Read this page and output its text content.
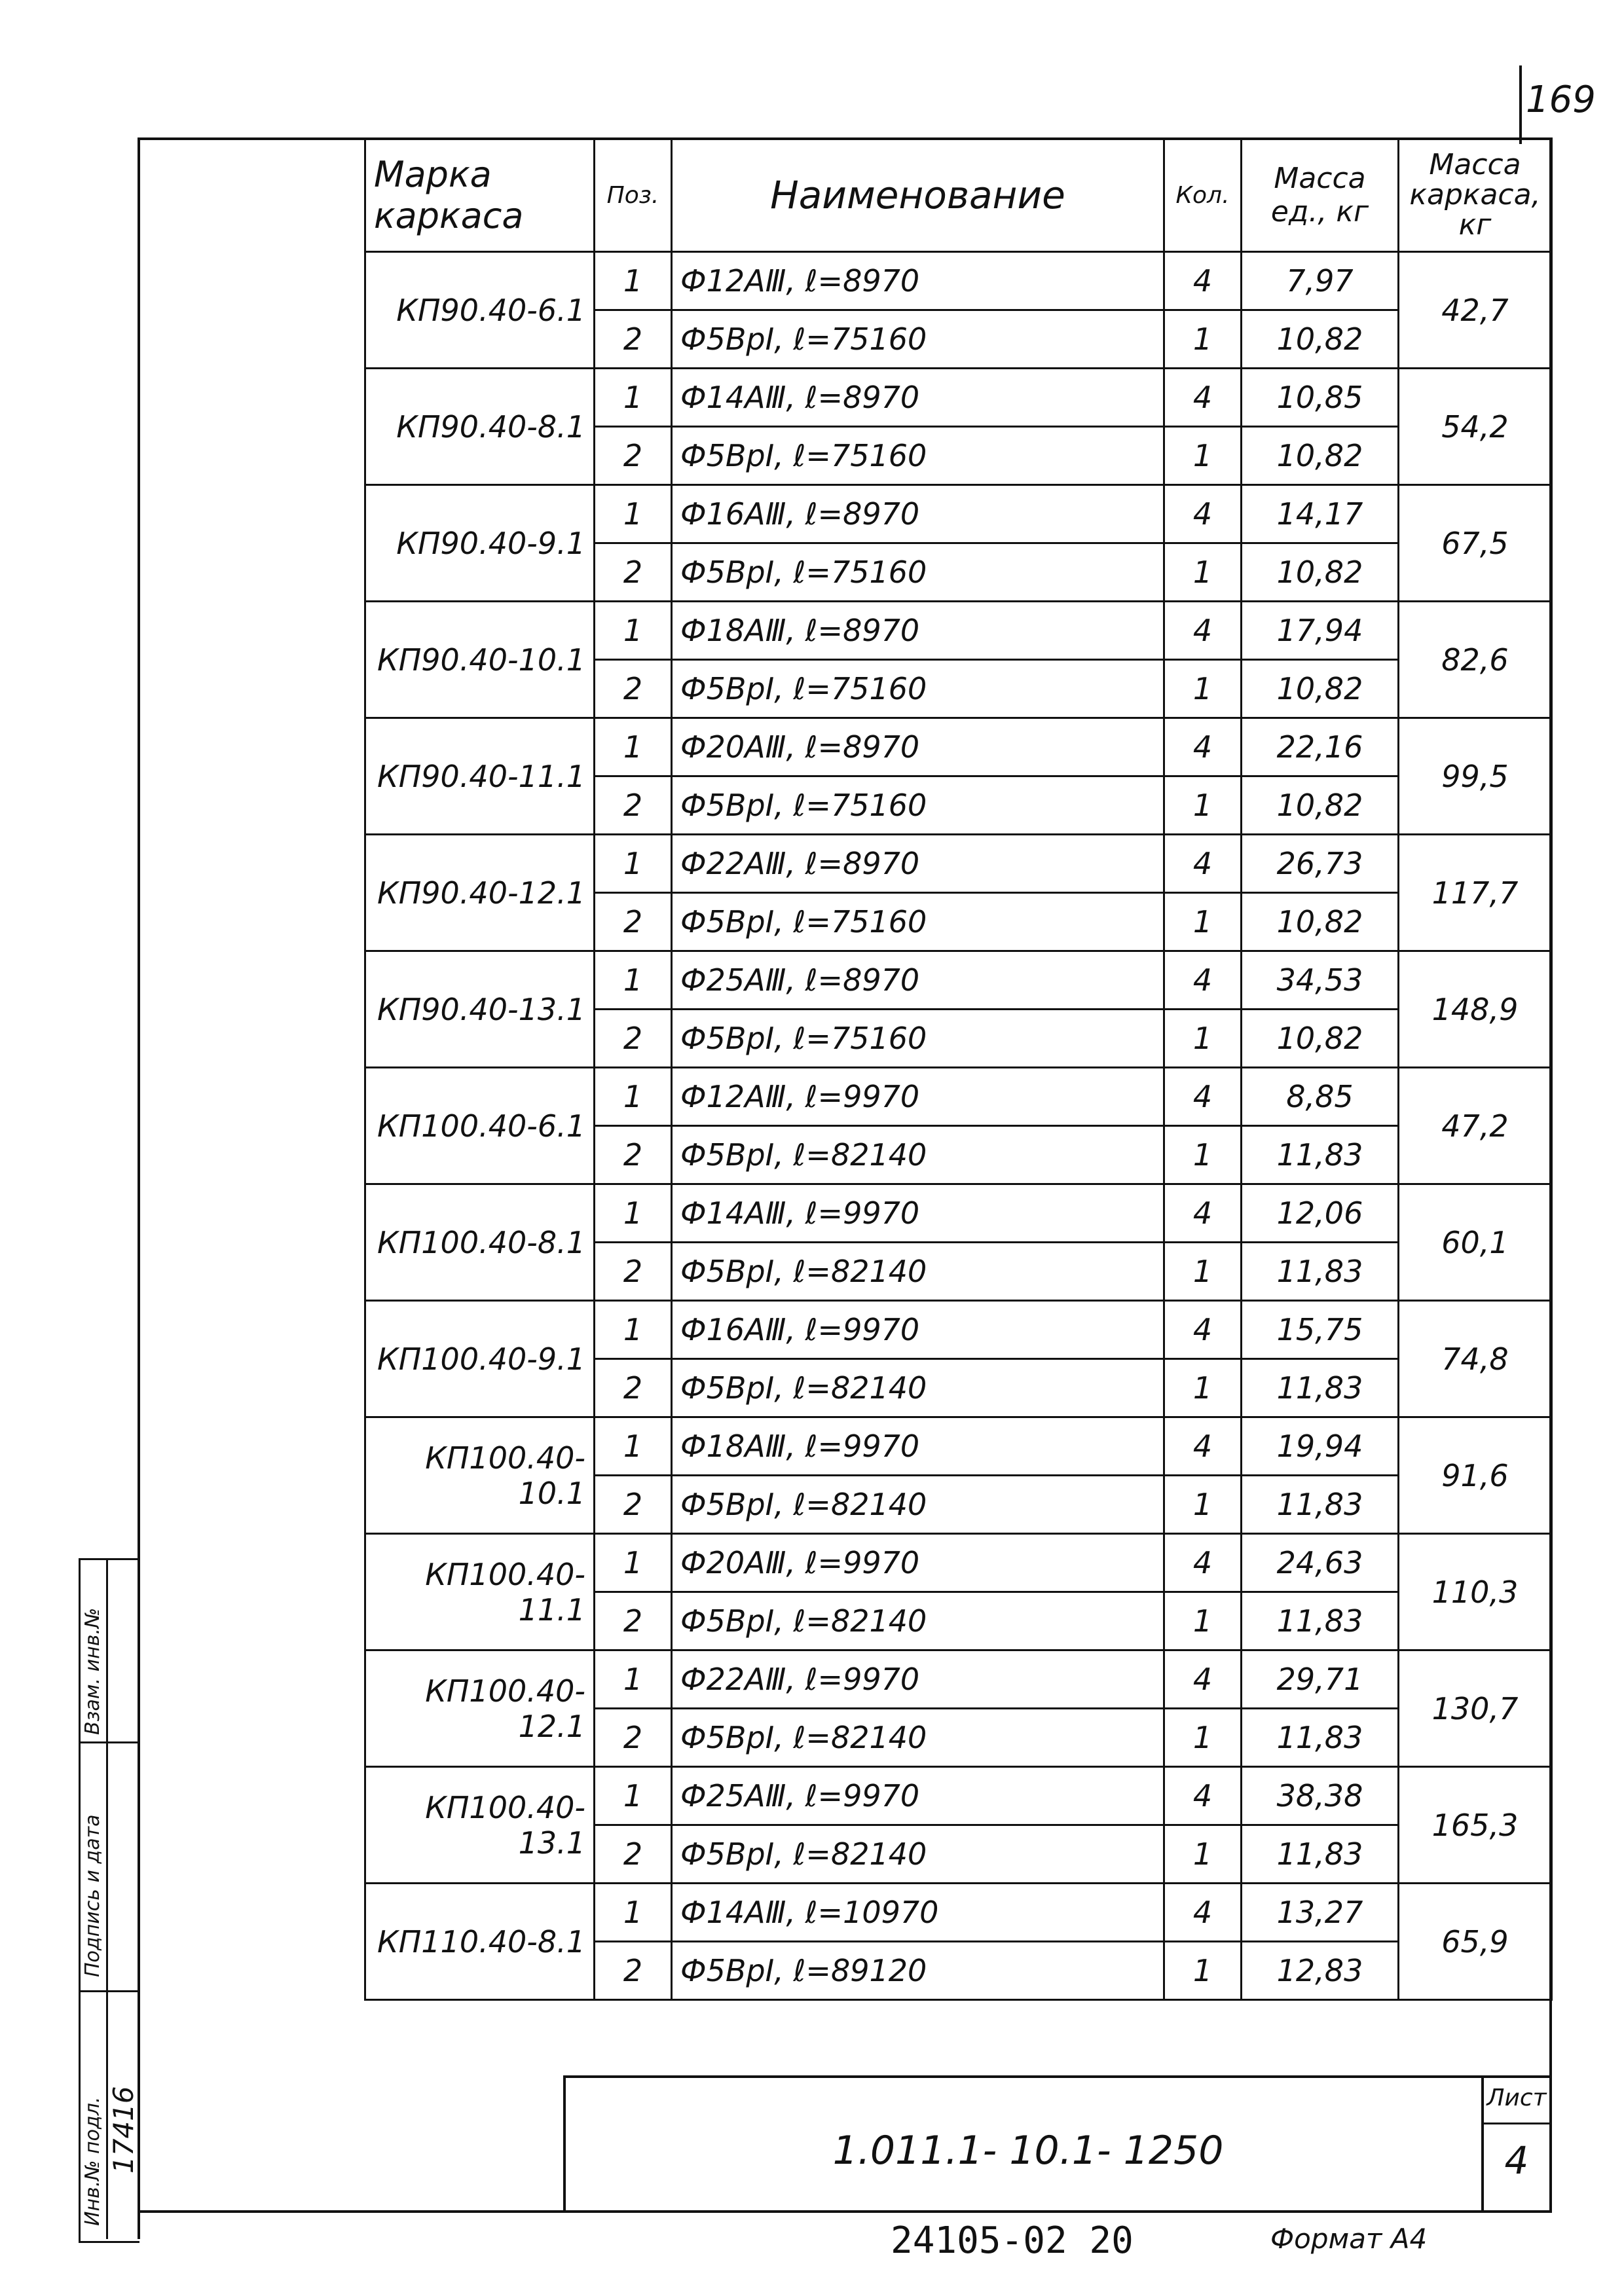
169
Марка каркаса	Поз.	Наименование	Кол.	Масса ед., кг	Масса каркаса, кг
КП90.40-6.1	1	Ф12АⅢ, ℓ=8970	4	7,97	42,7
	2	Ф5ВрI, ℓ=75160	1	10,82	
КП90.40-8.1	1	Ф14АⅢ, ℓ=8970	4	10,85	54,2
	2	Ф5ВрI, ℓ=75160	1	10,82	
КП90.40-9.1	1	Ф16АⅢ, ℓ=8970	4	14,17	67,5
	2	Ф5ВрI, ℓ=75160	1	10,82	
КП90.40-10.1	1	Ф18АⅢ, ℓ=8970	4	17,94	82,6
	2	Ф5ВрI, ℓ=75160	1	10,82	
КП90.40-11.1	1	Ф20АⅢ, ℓ=8970	4	22,16	99,5
	2	Ф5ВрI, ℓ=75160	1	10,82	
КП90.40-12.1	1	Ф22АⅢ, ℓ=8970	4	26,73	117,7
	2	Ф5ВрI, ℓ=75160	1	10,82	
КП90.40-13.1	1	Ф25АⅢ, ℓ=8970	4	34,53	148,9
	2	Ф5ВрI, ℓ=75160	1	10,82	
КП100.40-6.1	1	Ф12АⅢ, ℓ=9970	4	8,85	47,2
	2	Ф5ВрI, ℓ=82140	1	11,83	
КП100.40-8.1	1	Ф14АⅢ, ℓ=9970	4	12,06	60,1
	2	Ф5ВрI, ℓ=82140	1	11,83	
КП100.40-9.1	1	Ф16АⅢ, ℓ=9970	4	15,75	74,8
	2	Ф5ВрI, ℓ=82140	1	11,83	
КП100.40-10.1	1	Ф18АⅢ, ℓ=9970	4	19,94	91,6
	2	Ф5ВрI, ℓ=82140	1	11,83	
КП100.40-11.1	1	Ф20АⅢ, ℓ=9970	4	24,63	110,3
	2	Ф5ВрI, ℓ=82140	1	11,83	
КП100.40-12.1	1	Ф22АⅢ, ℓ=9970	4	29,71	130,7
	2	Ф5ВрI, ℓ=82140	1	11,83	
КП100.40-13.1	1	Ф25АⅢ, ℓ=9970	4	38,38	165,3
	2	Ф5ВрI, ℓ=82140	1	11,83	
КП110.40-8.1	1	Ф14АⅢ, ℓ=10970	4	13,27	65,9
	2	Ф5ВрI, ℓ=89120	1	12,83	
1.011.1- 10.1- 1250
Лист
4
24105-02 20	Формат А4
Взам. инв.№
Подпись и дата
Инв.№ подл. 17416
